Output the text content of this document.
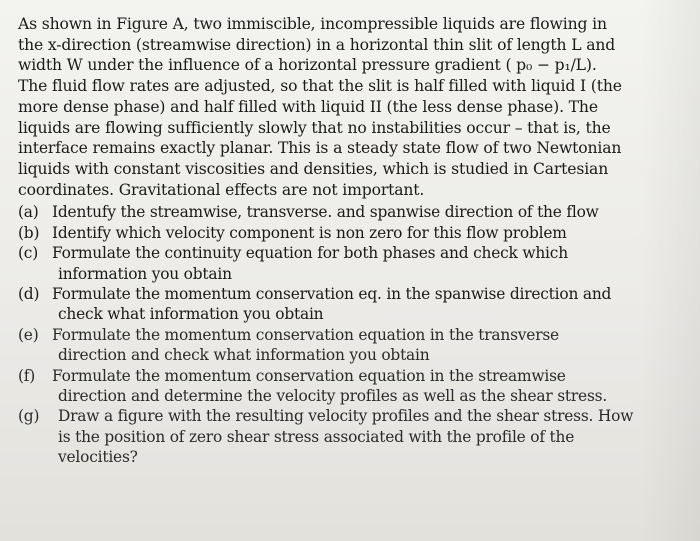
As shown in Figure A, two immiscible, incompressible liquids are flowing in

the x-direction (streamwise direction) in a horizontal thin slit of length L and

width W under the influence of a horizontal pressure gradient ( p₀ − p₁/L).

The fluid flow rates are adjusted, so that the slit is half filled with liquid I (the

more dense phase) and half filled with liquid II (the less dense phase). The

liquids are flowing sufficiently slowly that no instabilities occur – that is, the

interface remains exactly planar. This is a steady state flow of two Newtonian

liquids with constant viscosities and densities, which is studied in Cartesian

coordinates. Gravitational effects are not important.

(a) Identufy the streamwise, transverse. and spanwise direction of the flow

(b) Identify which velocity component is non zero for this flow problem

(c) Formulate the continuity equation for both phases and check which

information you obtain

(d) Formulate the momentum conservation eq. in the spanwise direction and

check what information you obtain

(e) Formulate the momentum conservation equation in the transverse

direction and check what information you obtain

(f) Formulate the momentum conservation equation in the streamwise

direction and determine the velocity profiles as well as the shear stress.

(g) Draw a figure with the resulting velocity profiles and the shear stress. How

is the position of zero shear stress associated with the profile of the

velocities?
